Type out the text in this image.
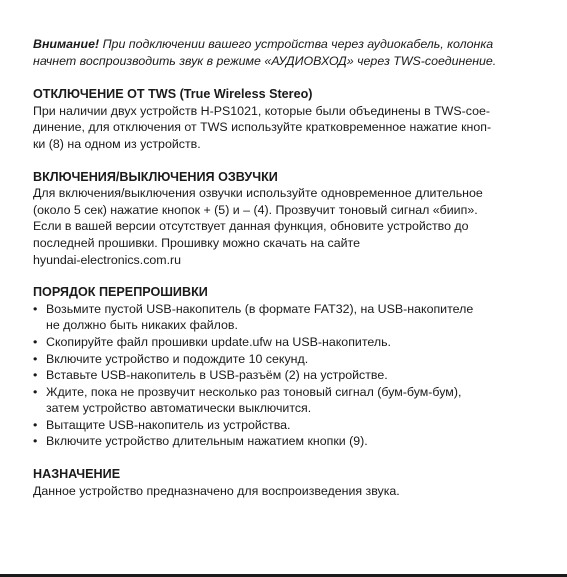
Внимание! При подключении вашего устройства через аудиокабель, колонка начнет воспроизводить звук в режиме «АУДИОВХОД» через TWS-соединение.

ОТКЛЮЧЕНИЕ ОТ TWS (True Wireless Stereo)

При наличии двух устройств H-PS1021, которые были объединены в TWS-сое-

динение, для отключения от TWS используйте кратковременное нажатие кноп-

ки (8) на одном из устройств.

ВКЛЮЧЕНИЯ/ВЫКЛЮЧЕНИЯ ОЗВУЧКИ

Для включения/выключения озвучки используйте одновременное длительное

(около 5 сек) нажатие кнопок + (5) и – (4). Прозвучит тоновый сигнал «биип».

Если в вашей версии отсутствует данная функция, обновите устройство до

последней прошивки. Прошивку можно скачать на сайте

hyundai-electronics.com.ru

ПОРЯДОК ПЕРЕПРОШИВКИ

• Возьмите пустой USB-накопитель (в формате FAT32), на USB-накопителе
не должно быть никаких файлов.
• Скопируйте файл прошивки update.ufw на USB-накопитель.
• Включите устройство и подождите 10 секунд.
• Вставьте USB-накопитель в USB-разъём (2) на устройстве.
• Ждите, пока не прозвучит несколько раз тоновый сигнал (бум-бум-бум),
затем устройство автоматически выключится.
• Вытащите USB-накопитель из устройства.
• Включите устройство длительным нажатием кнопки (9).

НАЗНАЧЕНИЕ

Данное устройство предназначено для воспроизведения звука.
